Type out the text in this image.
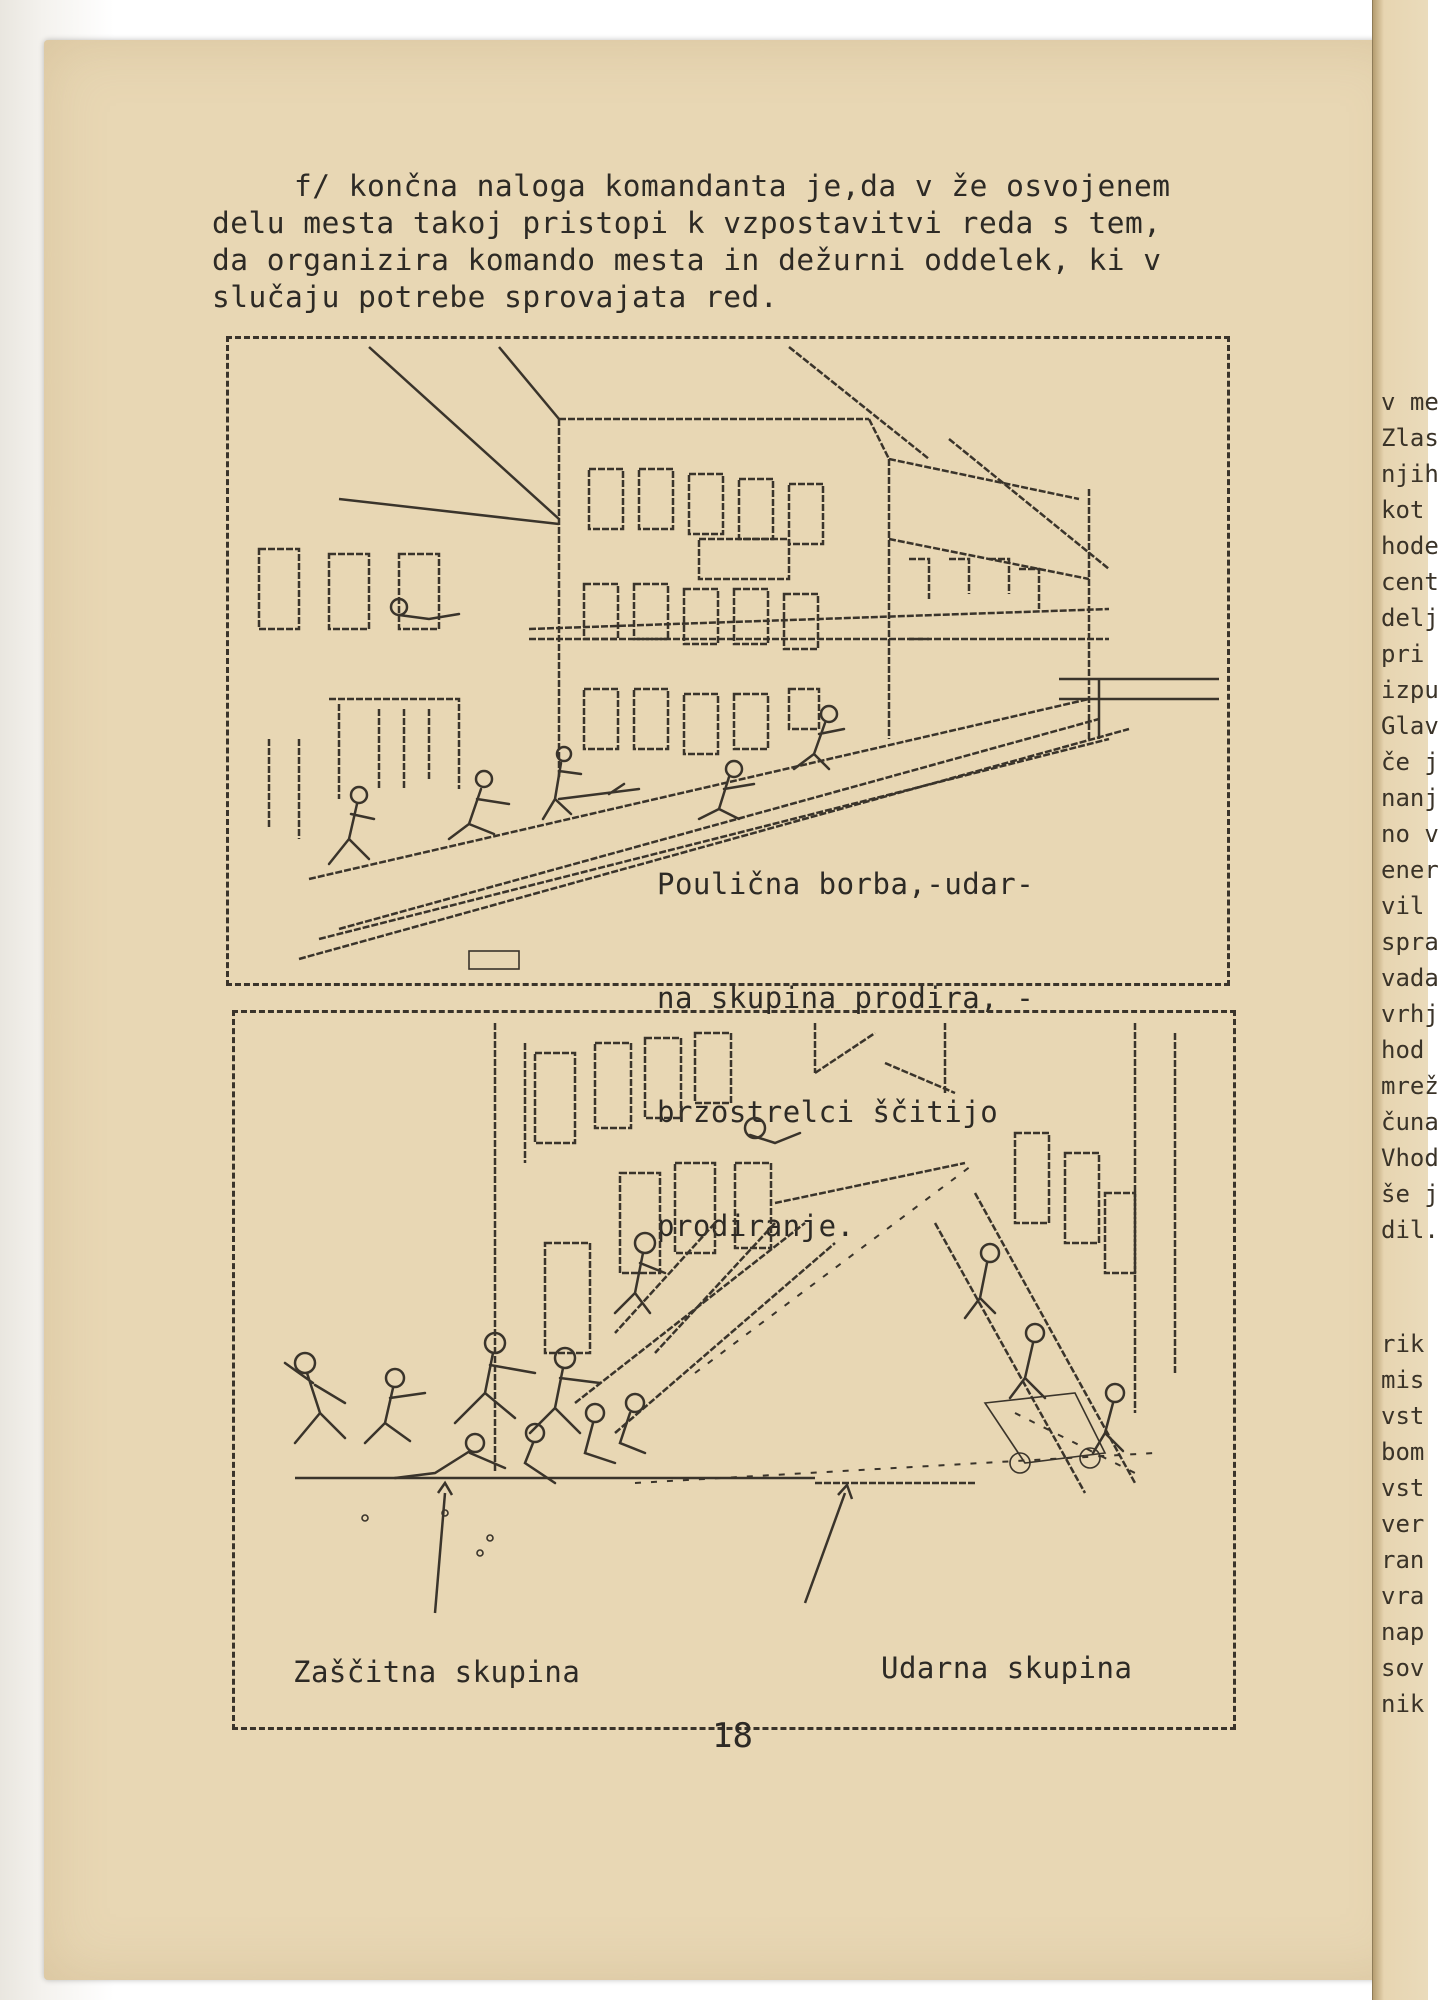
v me
Zlas
njih
kot
hode
cent
delj
pri
izpu
Glav
če j
nanj
no v
ener
vil
spra
vada
vrhj
hod
mrež
čuna
Vhod
še j
dil.
rik
mis
vst
bom
vst
ver
ran
vra
nap
sov
nik
f/ končna naloga komandanta je,da v že osvojenem
delu mesta takoj pristopi k vzpostavitvi reda s tem,
da organizira komando mesta in dežurni oddelek, ki v
slučaju potrebe sprovajata red.

Poulična borba,-udar-

na skupina prodira, -

brzostrelci ščitijo

prodiranje.

Zaščitna skupina	Udarna skupina
18
